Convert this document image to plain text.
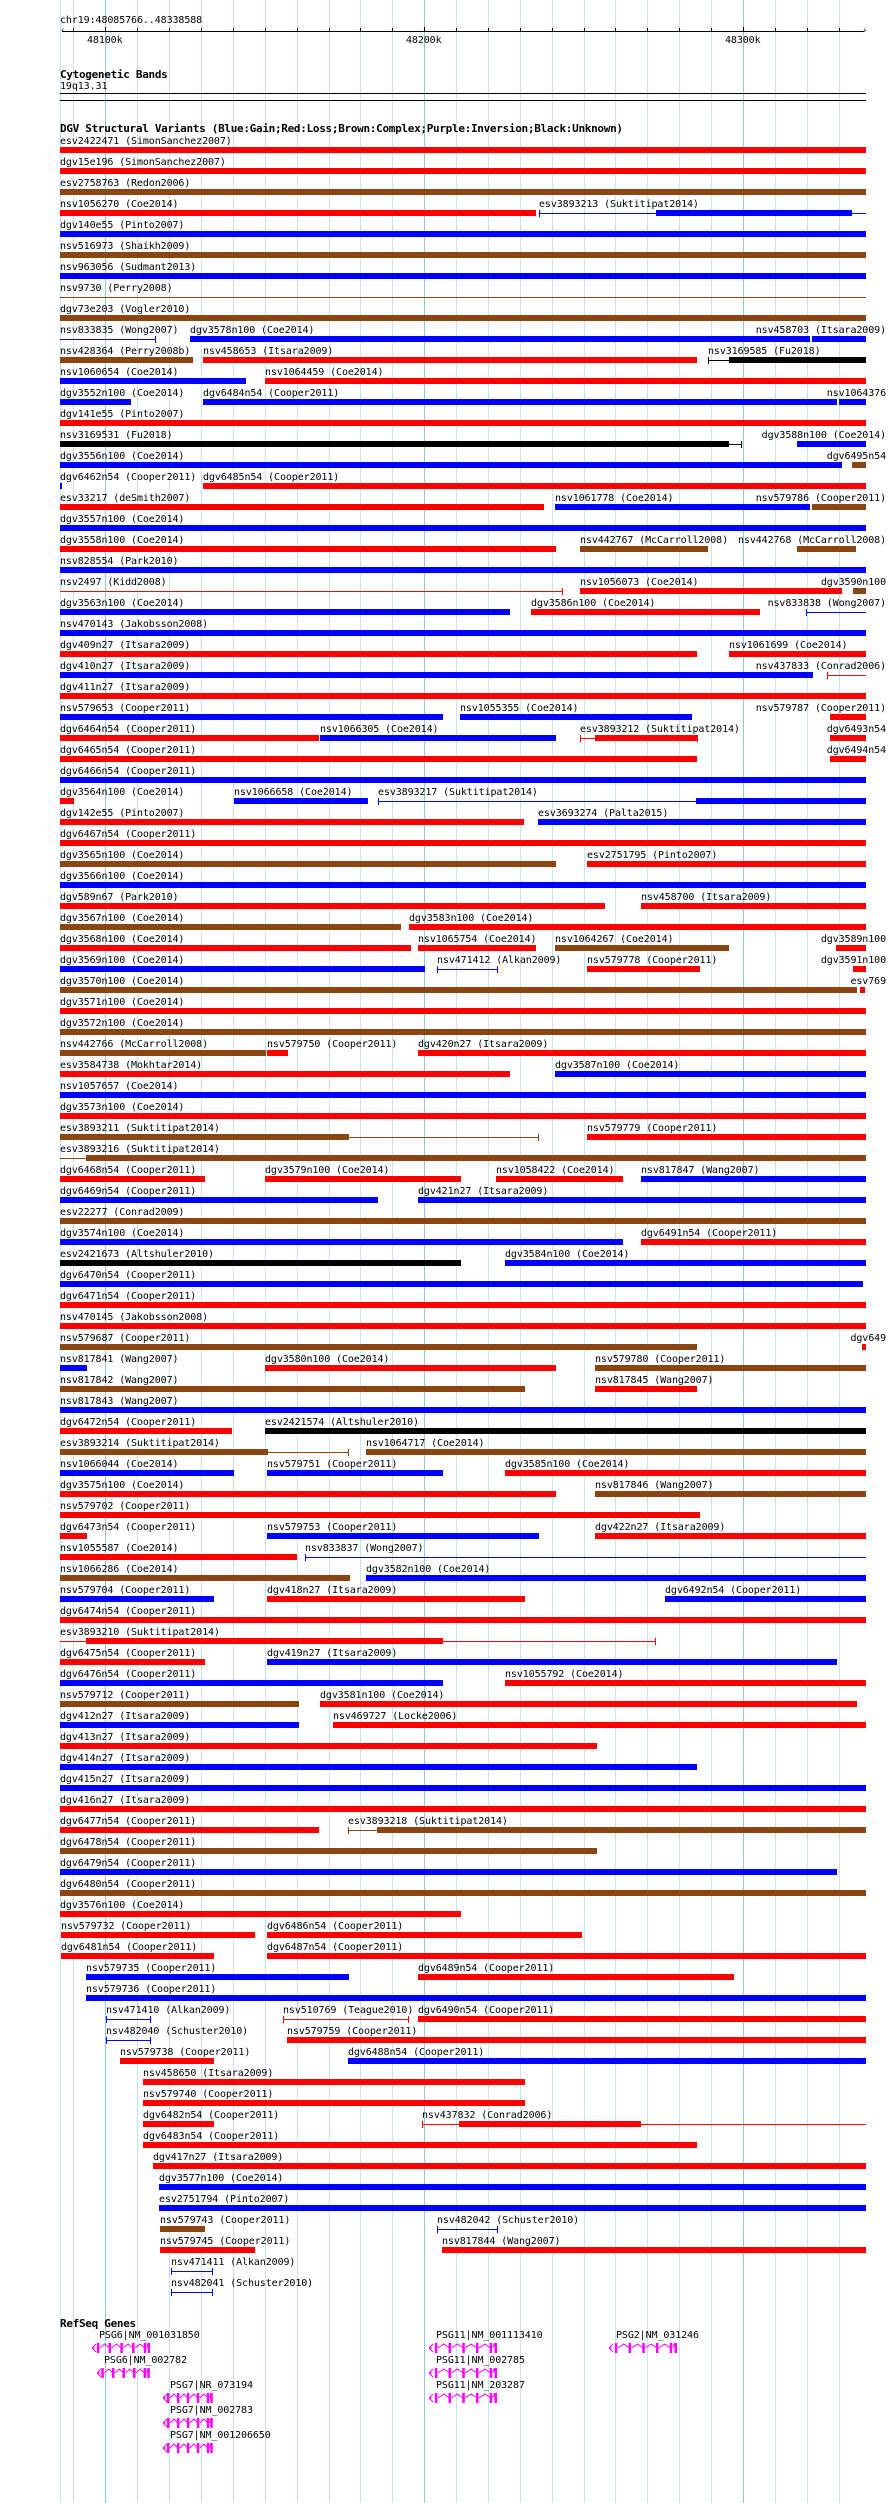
chr19:48085766..48338588
‹	›
48100k	48200k	48300k
Cytogenetic Bands
19q13.31
DGV Structural Variants (Blue:Gain;Red:Loss;Brown:Complex;Purple:Inversion;Black:Unknown)
esv2422471 (SimonSanchez2007)
dgv15e196 (SimonSanchez2007)
esv2758763 (Redon2006)
nsv1056270 (Coe2014)	esv3893213 (Suktitipat2014)
dgv140e55 (Pinto2007)
nsv516973 (Shaikh2009)
nsv963056 (Sudmant2013)
nsv9730 (Perry2008)
dgv73e203 (Vogler2010)
nsv833835 (Wong2007) dgv3578n100 (Coe2014)	nsv458703 (Itsara2009)
nsv428364 (Perry2008b) nsv458653 (Itsara2009)	nsv3169585 (Fu2018)
nsv1060654 (Coe2014)	nsv1064459 (Coe2014)
dgv3552n100 (Coe2014) dgv6484n54 (Cooper2011)	nsv1064376
dgv141e55 (Pinto2007)
nsv3169531 (Fu2018)	dgv3588n100 (Coe2014)
dgv3556n100 (Coe2014)	dgv6495n54
dgv6462n54 (Cooper2011) dgv6485n54 (Cooper2011)
esv33217 (deSmith2007)	nsv1061778 (Coe2014)	nsv579786 (Cooper2011)
dgv3557n100 (Coe2014)
dgv3558n100 (Coe2014)	nsv442767 (McCarroll2008) nsv442768 (McCarroll2008)
nsv828554 (Park2010)
nsv2497 (Kidd2008)	nsv1056073 (Coe2014)	dgv3590n100
dgv3563n100 (Coe2014)	dgv3586n100 (Coe2014)	nsv833838 (Wong2007)
nsv470143 (Jakobsson2008)
dgv409n27 (Itsara2009)	nsv1061699 (Coe2014)
dgv410n27 (Itsara2009)	nsv437833 (Conrad2006)
dgv411n27 (Itsara2009)
nsv579653 (Cooper2011)	nsv1055355 (Coe2014)	nsv579787 (Cooper2011)
dgv6464n54 (Cooper2011)	nsv1066305 (Coe2014)	esv3893212 (Suktitipat2014)	dgv6493n54
dgv6465n54 (Cooper2011)	dgv6494n54
dgv6466n54 (Cooper2011)
dgv3564n100 (Coe2014)	nsv1066658 (Coe2014)	esv3893217 (Suktitipat2014)
dgv142e55 (Pinto2007)	esv3693274 (Palta2015)
dgv6467n54 (Cooper2011)
dgv3565n100 (Coe2014)	esv2751795 (Pinto2007)
dgv3566n100 (Coe2014)
dgv589n67 (Park2010)	nsv458700 (Itsara2009)
dgv3567n100 (Coe2014)	dgv3583n100 (Coe2014)
dgv3568n100 (Coe2014)	nsv1065754 (Coe2014) nsv1064267 (Coe2014)	dgv3589n100
dgv3569n100 (Coe2014)	nsv471412 (Alkan2009)	nsv579778 (Cooper2011)	dgv3591n100
dgv3570n100 (Coe2014)	esv769
dgv3571n100 (Coe2014)
dgv3572n100 (Coe2014)
nsv442766 (McCarroll2008)	nsv579750 (Cooper2011) dgv420n27 (Itsara2009)
esv3584738 (Mokhtar2014)	dgv3587n100 (Coe2014)
nsv1057657 (Coe2014)
dgv3573n100 (Coe2014)
esv3893211 (Suktitipat2014)	nsv579779 (Cooper2011)
esv3893216 (Suktitipat2014)
dgv6468n54 (Cooper2011)	dgv3579n100 (Coe2014)	nsv1058422 (Coe2014)	nsv817847 (Wang2007)
dgv6469n54 (Cooper2011)	dgv421n27 (Itsara2009)
esv22277 (Conrad2009)
dgv3574n100 (Coe2014)	dgv6491n54 (Cooper2011)
esv2421673 (Altshuler2010)	dgv3584n100 (Coe2014)
dgv6470n54 (Cooper2011)
dgv6471n54 (Cooper2011)
nsv470145 (Jakobsson2008)
nsv579687 (Cooper2011)	dgv649
nsv817841 (Wang2007)	dgv3580n100 (Coe2014)	nsv579780 (Cooper2011)
nsv817842 (Wang2007)	nsv817845 (Wang2007)
nsv817843 (Wang2007)
dgv6472n54 (Cooper2011)	esv2421574 (Altshuler2010)
esv3893214 (Suktitipat2014)	nsv1064717 (Coe2014)
nsv1066044 (Coe2014)	nsv579751 (Cooper2011)	dgv3585n100 (Coe2014)
dgv3575n100 (Coe2014)	nsv817846 (Wang2007)
nsv579702 (Cooper2011)
dgv6473n54 (Cooper2011)	nsv579753 (Cooper2011)	dgv422n27 (Itsara2009)
nsv1055587 (Coe2014)	nsv833837 (Wong2007)
nsv1066286 (Coe2014)	dgv3582n100 (Coe2014)
nsv579704 (Cooper2011)	dgv418n27 (Itsara2009)	dgv6492n54 (Cooper2011)
dgv6474n54 (Cooper2011)
esv3893210 (Suktitipat2014)
dgv6475n54 (Cooper2011)	dgv419n27 (Itsara2009)
dgv6476n54 (Cooper2011)	nsv1055792 (Coe2014)
nsv579712 (Cooper2011)	dgv3581n100 (Coe2014)
dgv412n27 (Itsara2009)	nsv469727 (Locke2006)
dgv413n27 (Itsara2009)
dgv414n27 (Itsara2009)
dgv415n27 (Itsara2009)
dgv416n27 (Itsara2009)
dgv6477n54 (Cooper2011)	esv3893218 (Suktitipat2014)
dgv6478n54 (Cooper2011)
dgv6479n54 (Cooper2011)
dgv6480n54 (Cooper2011)
dgv3576n100 (Coe2014)
nsv579732 (Cooper2011)	dgv6486n54 (Cooper2011)
dgv6481n54 (Cooper2011)	dgv6487n54 (Cooper2011)
nsv579735 (Cooper2011)	dgv6489n54 (Cooper2011)
nsv579736 (Cooper2011)
nsv471410 (Alkan2009)	nsv510769 (Teague2010) dgv6490n54 (Cooper2011)
nsv482040 (Schuster2010)	nsv579759 (Cooper2011)
nsv579738 (Cooper2011)	dgv6488n54 (Cooper2011)
nsv458650 (Itsara2009)
nsv579740 (Cooper2011)
dgv6482n54 (Cooper2011)	nsv437832 (Conrad2006)
dgv6483n54 (Cooper2011)
dgv417n27 (Itsara2009)
dgv3577n100 (Coe2014)
esv2751794 (Pinto2007)
nsv579743 (Cooper2011)	nsv482042 (Schuster2010)
nsv579745 (Cooper2011)	nsv817844 (Wang2007)
nsv471411 (Alkan2009)
nsv482041 (Schuster2010)
RefSeq Genes
PSG6|NM_001031850
PSG6|NM_002782
PSG7|NR_073194
PSG7|NM_002783
PSG7|NM_001206650
PSG11|NM_001113410
PSG11|NM_002785
PSG11|NM_203287
PSG2|NM_031246
